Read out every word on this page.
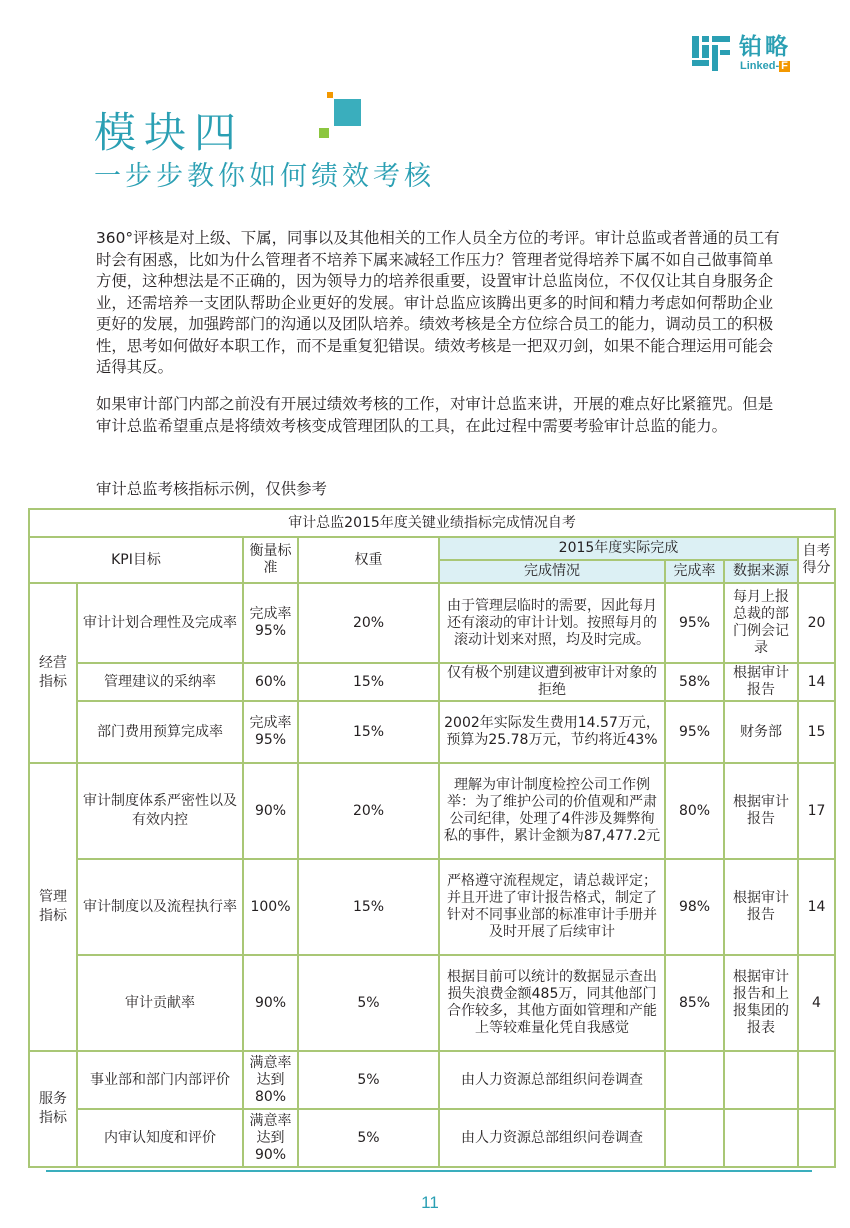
铂略
Linked- F
模块四
一步步教你如何绩效考核

360°评核是对上级、下属，同事以及其他相关的工作人员全方位的考评。审计总监或者普通的员工有时会有困惑，比如为什么管理者不培养下属来减轻工作压力？管理者觉得培养下属不如自己做事简单方便，这种想法是不正确的，因为领导力的培养很重要，设置审计总监岗位，不仅仅让其自身服务企业，还需培养一支团队帮助企业更好的发展。审计总监应该腾出更多的时间和精力考虑如何帮助企业更好的发展，加强跨部门的沟通以及团队培养。绩效考核是全方位综合员工的能力，调动员工的积极性，思考如何做好本职工作，而不是重复犯错误。绩效考核是一把双刃剑，如果不能合理运用可能会适得其反。

如果审计部门内部之前没有开展过绩效考核的工作，对审计总监来讲，开展的难点好比紧箍咒。但是审计总监希望重点是将绩效考核变成管理团队的工具，在此过程中需要考验审计总监的能力。

审计总监考核指标示例，仅供参考
审计总监2015年度关键业绩指标完成情况自考							
KPI目标		衡量标准	权重	2015年度实际完成			自考得分
				完成情况	完成率	数据来源	
经营指标	审计计划合理性及完成率	完成率95%	20%	由于管理层临时的需要，因此每月还有滚动的审计计划。按照每月的滚动计划来对照，均及时完成。	95%	每月上报总裁的部门例会记录	20
	管理建议的采纳率	60%	15%	仅有极个别建议遭到被审计对象的拒绝	58%	根据审计报告	14
	部门费用预算完成率	完成率95%	15%	2002年实际发生费用14.57万元，预算为25.78万元，节约将近43%	95%	财务部	15
管理指标	审计制度体系严密性以及有效内控	90%	20%	理解为审计制度检控公司工作例举：为了维护公司的价值观和严肃公司纪律，处理了4件涉及舞弊徇私的事件，累计金额为87,477.2元	80%	根据审计报告	17
	审计制度以及流程执行率	100%	15%	严格遵守流程规定，请总裁评定；并且开进了审计报告格式，制定了针对不同事业部的标准审计手册并及时开展了后续审计	98%	根据审计报告	14
	审计贡献率	90%	5%	根据目前可以统计的数据显示查出损失浪费金额485万，同其他部门合作较多，其他方面如管理和产能上等较难量化凭自我感觉	85%	根据审计报告和上报集团的报表	4
服务指标	事业部和部门内部评价	满意率达到80%	5%	由人力资源总部组织问卷调查			
	内审认知度和评价	满意率达到90%	5%	由人力资源总部组织问卷调查			
11
